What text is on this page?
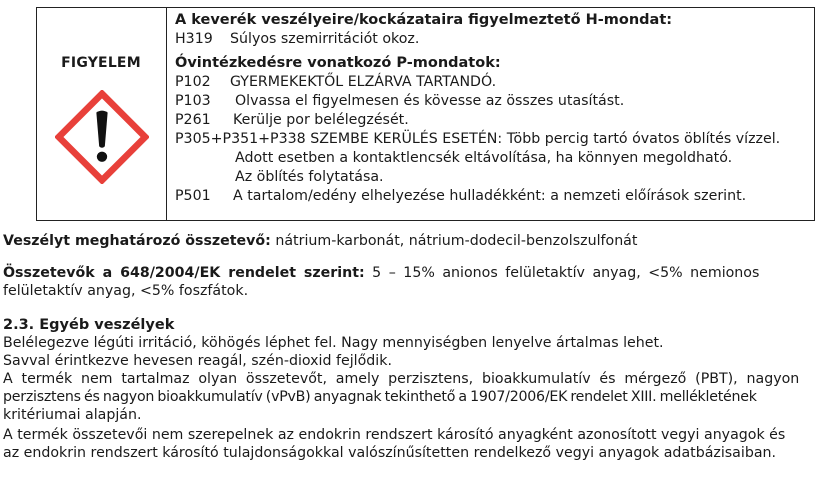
FIGYELEM
A keverék veszélyeire/kockázataira figyelmeztető H-mondat:
H319 Súlyos szemirritációt okoz.
Óvintézkedésre vonatkozó P-mondatok:
P102 GYERMEKEKTŐL ELZÁRVA TARTANDÓ.
P103 Olvassa el figyelmesen és kövesse az összes utasítást.
P261 Kerülje por belélegzését.
P305+P351+P338 SZEMBE KERÜLÉS ESETÉN: Több percig tartó óvatos öblítés vízzel.
Adott esetben a kontaktlencsék eltávolítása, ha könnyen megoldható.
Az öblítés folytatása.
P501 A tartalom/edény elhelyezése hulladékként: a nemzeti előírások szerint.
Veszélyt meghatározó összetevő: nátrium-karbonát, nátrium-dodecil-benzolszulfonát
Összetevők a 648/2004/EK rendelet szerint: 5 – 15% anionos felületaktív anyag, <5% nemionos
felületaktív anyag, <5% foszfátok.
2.3. Egyéb veszélyek
Belélegezve légúti irritáció, köhögés léphet fel. Nagy mennyiségben lenyelve ártalmas lehet.
Savval érintkezve hevesen reagál, szén-dioxid fejlődik.
A termék nem tartalmaz olyan összetevőt, amely perzisztens, bioakkumulatív és mérgező (PBT), nagyon
perzisztens és nagyon bioakkumulatív (vPvB) anyagnak tekinthető a 1907/2006/EK rendelet XIII. mellékletének
kritériumai alapján.
A termék összetevői nem szerepelnek az endokrin rendszert károsító anyagként azonosított vegyi anyagok és
az endokrin rendszert károsító tulajdonságokkal valószínűsítetten rendelkező vegyi anyagok adatbázisaiban.
